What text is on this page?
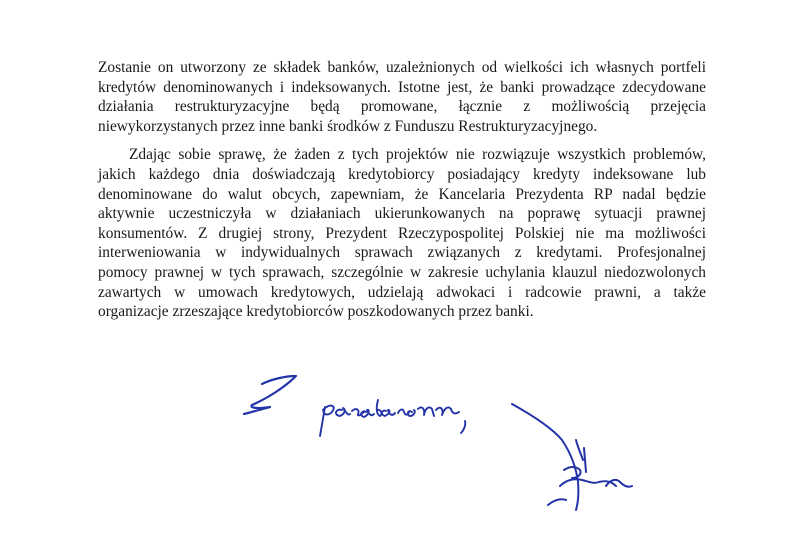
Zostanie on utworzony ze składek banków, uzależnionych od wielkości ich własnych portfeli
kredytów denominowanych i indeksowanych. Istotne jest, że banki prowadzące zdecydowane
działania restrukturyzacyjne będą promowane, łącznie z możliwością przejęcia
niewykorzystanych przez inne banki środków z Funduszu Restrukturyzacyjnego.
Zdając sobie sprawę, że żaden z tych projektów nie rozwiązuje wszystkich problemów,
jakich każdego dnia doświadczają kredytobiorcy posiadający kredyty indeksowane lub
denominowane do walut obcych, zapewniam, że Kancelaria Prezydenta RP nadal będzie
aktywnie uczestniczyła w działaniach ukierunkowanych na poprawę sytuacji prawnej
konsumentów. Z drugiej strony, Prezydent Rzeczypospolitej Polskiej nie ma możliwości
interweniowania w indywidualnych sprawach związanych z kredytami. Profesjonalnej
pomocy prawnej w tych sprawach, szczególnie w zakresie uchylania klauzul niedozwolonych
zawartych w umowach kredytowych, udzielają adwokaci i radcowie prawni, a także
organizacje zrzeszające kredytobiorców poszkodowanych przez banki.
